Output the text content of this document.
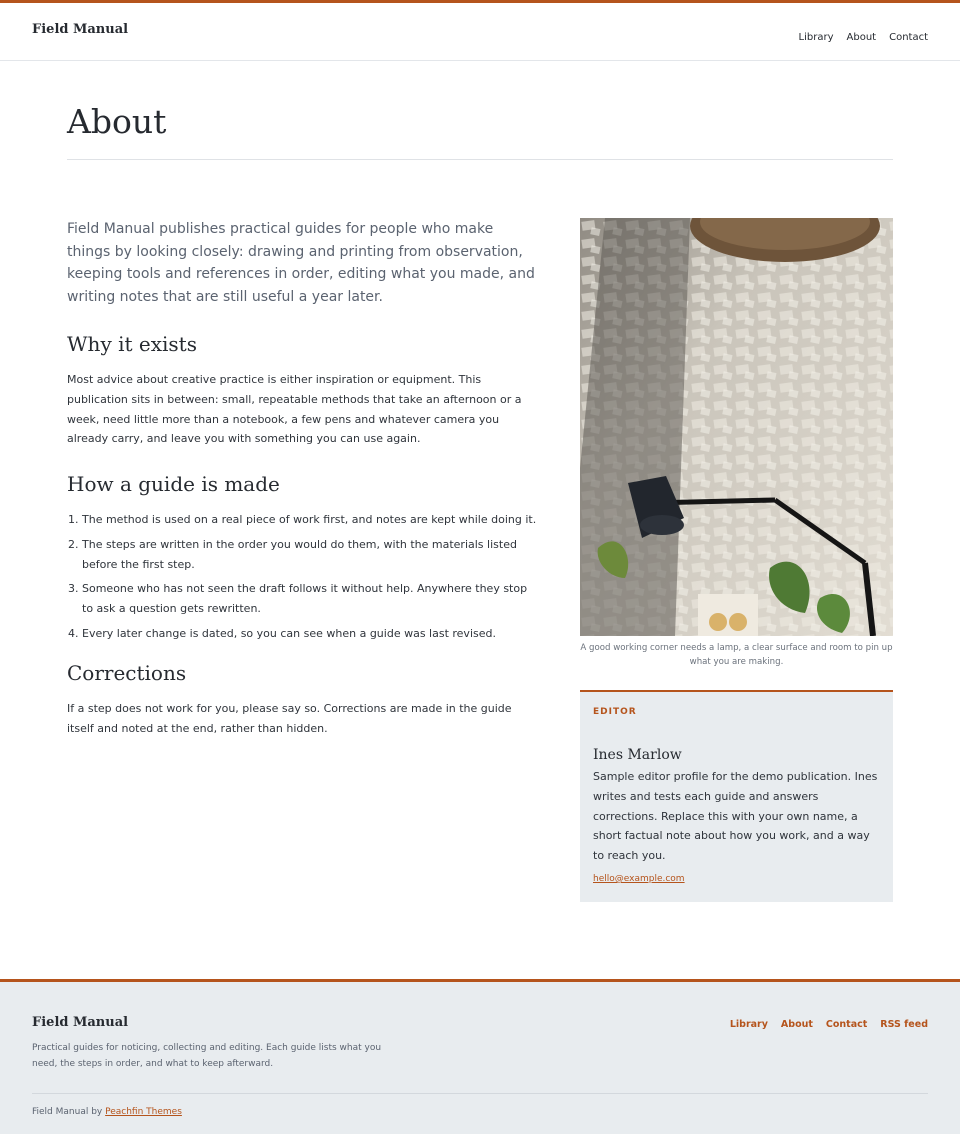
Field Manual
Library About Contact
About

Field Manual publishes practical guides for people who make things by looking closely: drawing and printing from observation, keeping tools and references in order, editing what you made, and writing notes that are still useful a year later.

Why it exists

Most advice about creative practice is either inspiration or equipment. This publication sits in between: small, repeatable methods that take an afternoon or a week, need little more than a notebook, a few pens and whatever camera you already carry, and leave you with something you can use again.

How a guide is made
1. The method is used on a real piece of work first, and notes are kept while doing it.
2. The steps are written in the order you would do them, with the materials listed before the first step.
3. Someone who has not seen the draft follows it without help. Anywhere they stop to ask a question gets rewritten.
4. Every later change is dated, so you can see when a guide was last revised.
Corrections

If a step does not work for you, please say so. Corrections are made in the guide itself and noted at the end, rather than hidden.

A good working corner needs a lamp, a clear surface and room to pin up what you are making.

EDITOR

Ines Marlow

Sample editor profile for the demo publication. Ines writes and tests each guide and answers corrections. Replace this with your own name, a short factual note about how you work, and a way to reach you.

hello@example.com
Field Manual

Practical guides for noticing, collecting and editing. Each guide lists what you need, the steps in order, and what to keep afterward.

Library About Contact RSS feed
Field Manual by Peachfin Themes
